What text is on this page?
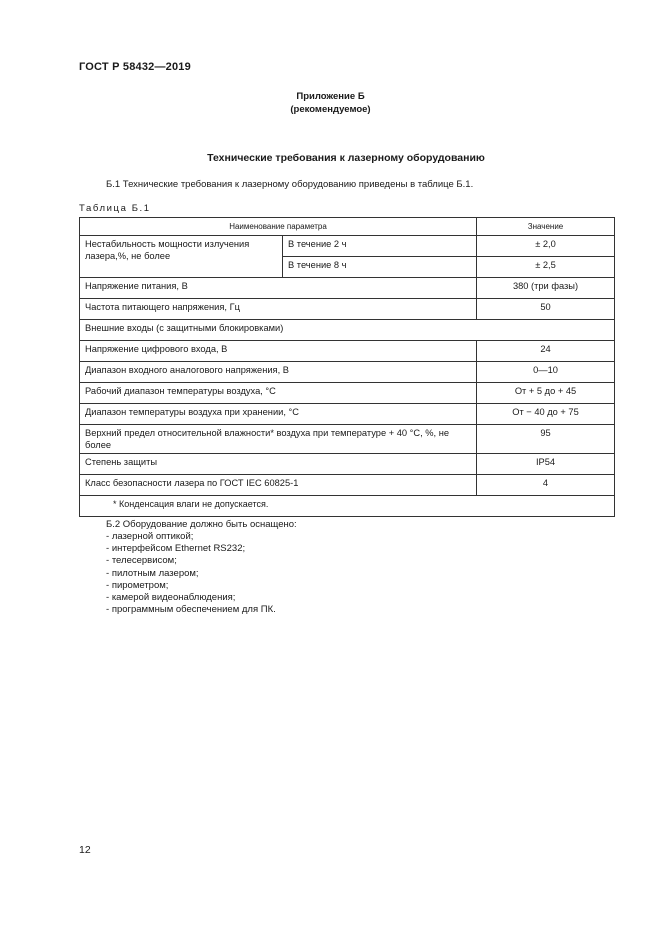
ГОСТ Р 58432—2019
Приложение Б
(рекомендуемое)
Технические требования к лазерному оборудованию
Б.1 Технические требования к лазерному оборудованию приведены в таблице Б.1.
Таблица Б.1
Наименование параметра		Значение
Нестабильность мощности излучения лазера,%, не более	В течение 2 ч	± 2,0
	В течение 8 ч	± 2,5
Напряжение питания, В		380 (три фазы)
Частота питающего напряжения, Гц		50
Внешние входы (с защитными блокировками)		
Напряжение цифрового входа, В		24
Диапазон входного аналогового напряжения, В		0—10
Рабочий диапазон температуры воздуха, °С		От + 5 до + 45
Диапазон температуры воздуха при хранении, °С		От − 40 до + 75
Верхний предел относительной влажности* воздуха при температуре + 40 °С, %, не более		95
Степень защиты		IP54
Класс безопасности лазера по ГОСТ IEC 60825-1		4
* Конденсация влаги не допускается.		
Б.2 Оборудование должно быть оснащено:
- лазерной оптикой;
- интерфейсом Ethernet RS232;
- телесервисом;
- пилотным лазером;
- пирометром;
- камерой видеонаблюдения;
- программным обеспечением для ПК.
12
